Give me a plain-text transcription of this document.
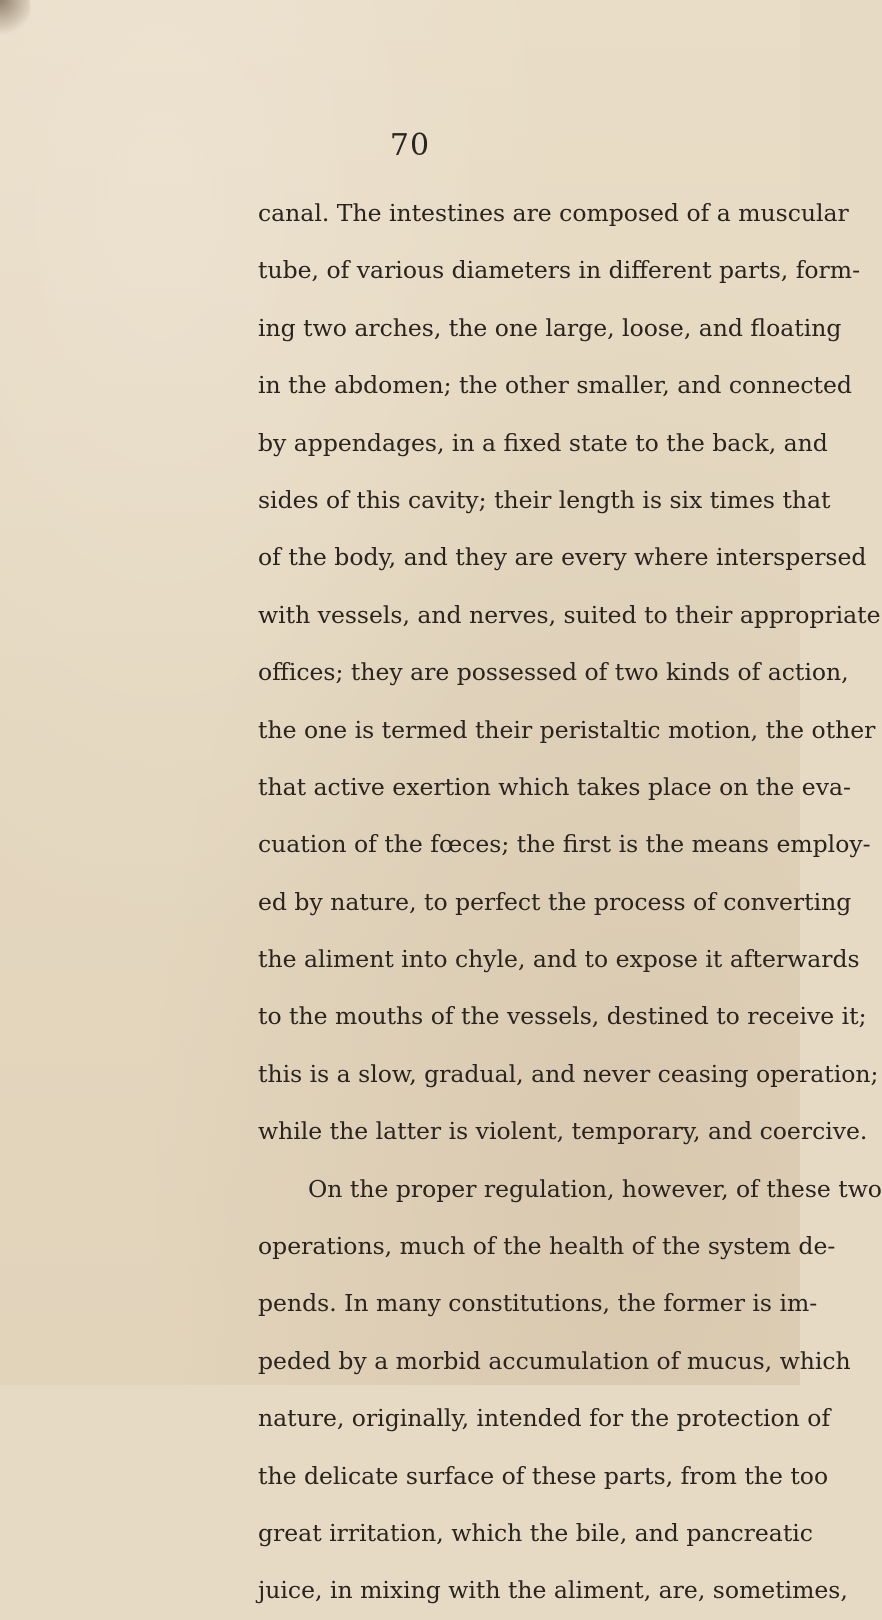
70

canal. The intestines are composed of a muscular
tube, of various diameters in different parts, form-
ing two arches, the one large, loose, and floating
in the abdomen; the other smaller, and connected
by appendages, in a fixed state to the back, and
sides of this cavity; their length is six times that
of the body, and they are every where interspersed
with vessels, and nerves, suited to their appropriate
offices; they are possessed of two kinds of action,
the one is termed their peristaltic motion, the other
that active exertion which takes place on the eva-
cuation of the fœces; the first is the means employ-
ed by nature, to perfect the process of converting
the aliment into chyle, and to expose it afterwards
to the mouths of the vessels, destined to receive it;
this is a slow, gradual, and never ceasing operation;
while the latter is violent, temporary, and coercive.
On the proper regulation, however, of these two
operations, much of the health of the system de-
pends. In many constitutions, the former is im-
peded by a morbid accumulation of mucus, which
nature, originally, intended for the protection of
the delicate surface of these parts, from the too
great irritation, which the bile, and pancreatic
juice, in mixing with the aliment, are, sometimes,
